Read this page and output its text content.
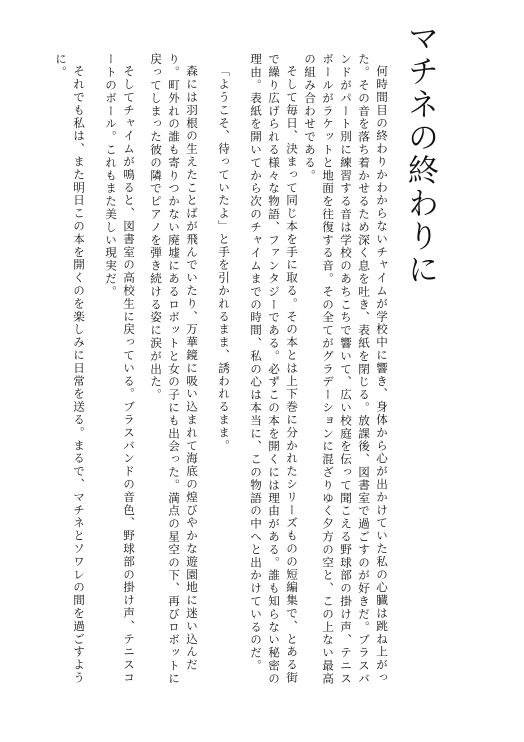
マチネの終わりに

何時間目の終わりかわからないチャイムが学校中に響き、身体から心が出かけていた私の心臓は跳ね上がった。その音を落ち着かせるため深く息を吐き、表紙を閉じる。放課後、図書室で過ごすのが好きだ。ブラスバンドがパート別に練習する音は学校のあちこちで響いて、広い校庭を伝って聞こえる野球部の掛け声、テニスボールがラケットと地面を往復する音。その全てがグラデーションに混ざりゆく夕方の空と、この上ない最高の組み合わせである。

そして毎日、決まって同じ本を手に取る。その本とは上下巻に分かれたシリーズものの短編集で、とある街で繰り広げられる様々な物語、ファンタジーである。必ずこの本を開くには理由がある。誰も知らない秘密の理由。表紙を開いてから次のチャイムまでの時間、私の心は本当に、この物語の中へと出かけているのだ。

「ようこそ、待っていたよ」と手を引かれるまま、誘われるまま。

森には羽根の生えたことばが飛んでいたり、万華鏡に吸い込まれて海底の煌びやかな遊園地に迷い込んだり。町外れの誰も寄りつかない廃墟にあるロボットと女の子にも出会った。満点の星空の下、再びロボットに戻ってしまった彼の隣でピアノを弾き続ける姿に涙が出た。

そしてチャイムが鳴ると、図書室の高校生に戻っている。ブラスバンドの音色、野球部の掛け声、テニスコートのボール。これもまた美しい現実だ。

それでも私は、また明日この本を開くのを楽しみに日常を送る。まるで、マチネとソワレの間を過ごすように。
